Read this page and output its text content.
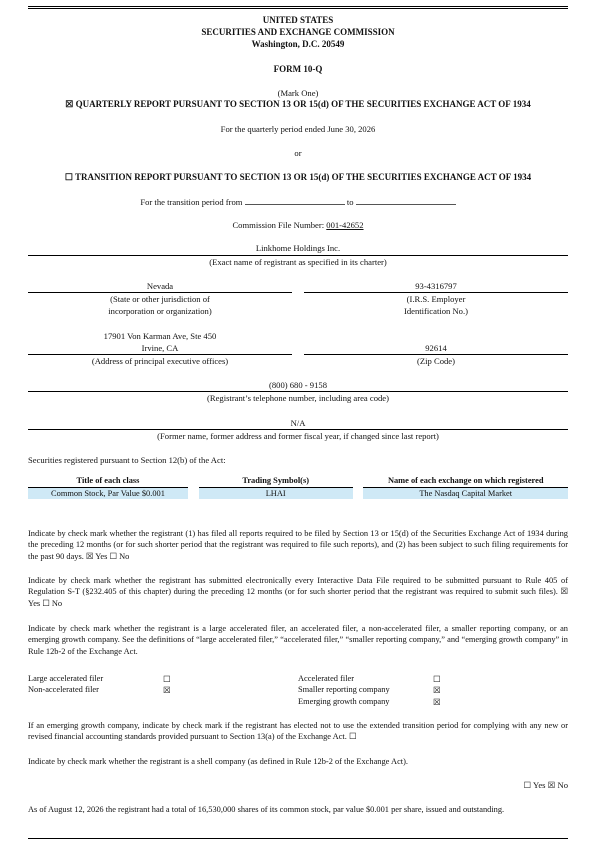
UNITED STATES
SECURITIES AND EXCHANGE COMMISSION
Washington, D.C. 20549
FORM 10-Q
(Mark One)
☒ QUARTERLY REPORT PURSUANT TO SECTION 13 OR 15(d) OF THE SECURITIES EXCHANGE ACT OF 1934
For the quarterly period ended June 30, 2026
or
☐ TRANSITION REPORT PURSUANT TO SECTION 13 OR 15(d) OF THE SECURITIES EXCHANGE ACT OF 1934
For the transition period from	to
Commission File Number: 001-42652
Linkhome Holdings Inc.
(Exact name of registrant as specified in its charter)
Nevada
(State or other jurisdiction of
incorporation or organization)
93-4316797
(I.R.S. Employer
Identification No.)
17901 Von Karman Ave, Ste 450
Irvine, CA
(Address of principal executive offices)
92614
(Zip Code)
(800) 680 - 9158
(Registrant’s telephone number, including area code)
N/A
(Former name, former address and former fiscal year, if changed since last report)
Securities registered pursuant to Section 12(b) of the Act:
Title of each class		Trading Symbol(s)		Name of each exchange on which registered
Common Stock, Par Value $0.001		LHAI		The Nasdaq Capital Market
Indicate by check mark whether the registrant (1) has filed all reports required to be filed by Section 13 or 15(d) of the Securities Exchange Act of 1934 during the preceding 12 months (or for such shorter period that the registrant was required to file such reports), and (2) has been subject to such filing requirements for the past 90 days. ☒ Yes ☐ No
Indicate by check mark whether the registrant has submitted electronically every Interactive Data File required to be submitted pursuant to Rule 405 of Regulation S-T (§232.405 of this chapter) during the preceding 12 months (or for such shorter period that the registrant was required to submit such files). ☒ Yes ☐ No
Indicate by check mark whether the registrant is a large accelerated filer, an accelerated filer, a non-accelerated filer, a smaller reporting company, or an emerging growth company. See the definitions of “large accelerated filer,” “accelerated filer,” “smaller reporting company,” and “emerging growth company” in Rule 12b-2 of the Exchange Act.
Large accelerated filer	☐
Non-accelerated filer	☒
Accelerated filer	☐
Smaller reporting company	☒
Emerging growth company	☒
If an emerging growth company, indicate by check mark if the registrant has elected not to use the extended transition period for complying with any new or revised financial accounting standards provided pursuant to Section 13(a) of the Exchange Act. ☐
Indicate by check mark whether the registrant is a shell company (as defined in Rule 12b-2 of the Exchange Act).
☐ Yes ☒ No
As of August 12, 2026 the registrant had a total of 16,530,000 shares of its common stock, par value $0.001 per share, issued and outstanding.
